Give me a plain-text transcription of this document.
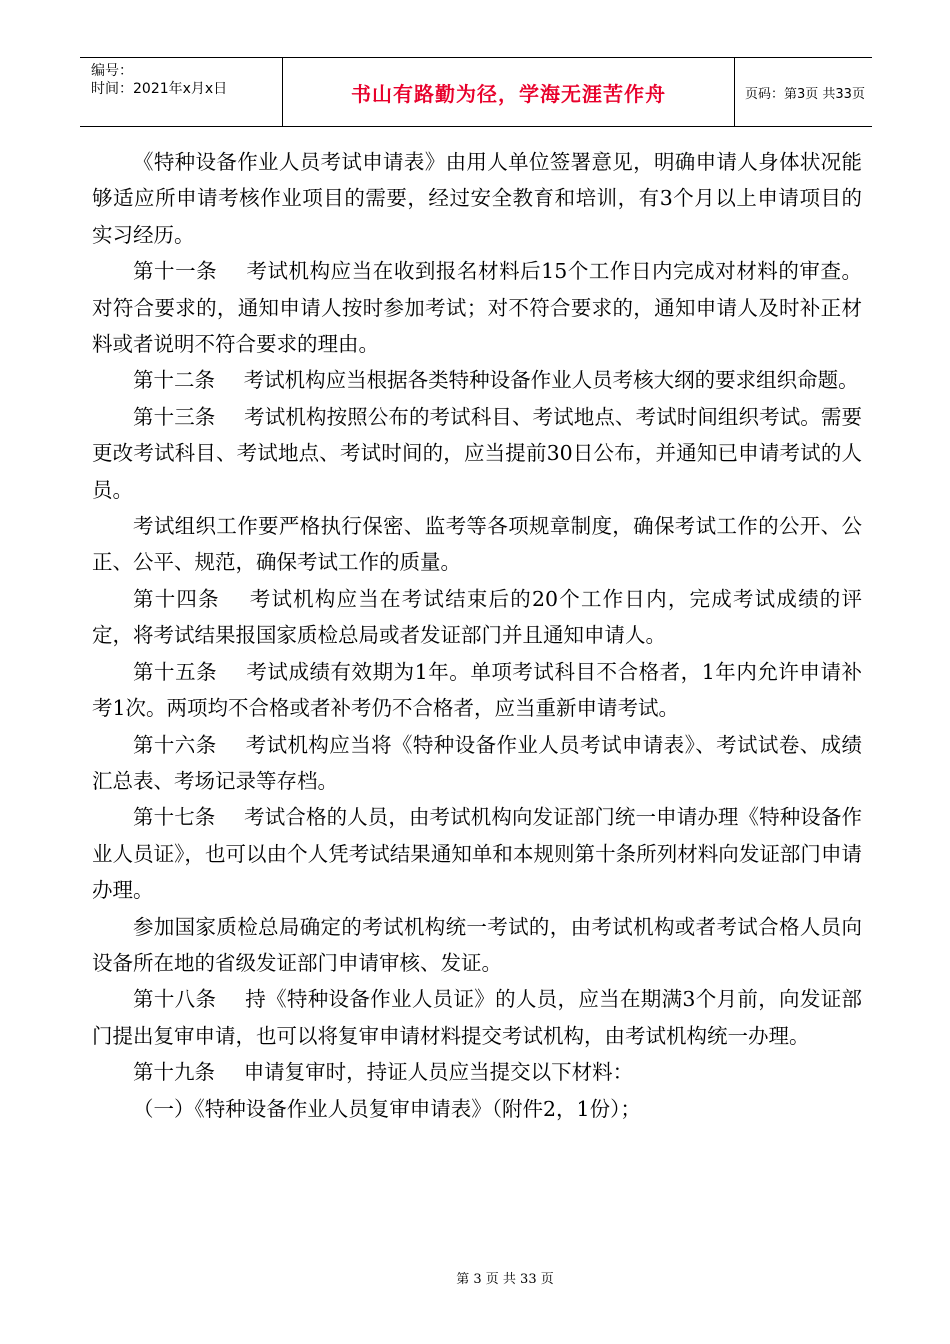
编号：
时间：2021年x月x日	书山有路勤为径，学海无涯苦作舟	页码：第3页 共33页

《特种设备作业人员考试申请表》由用人单位签署意见，明确申请人身体状况能够适应所申请考核作业项目的需要，经过安全教育和培训，有3个月以上申请项目的实习经历。

第十一条 考试机构应当在收到报名材料后15个工作日内完成对材料的审查。对符合要求的，通知申请人按时参加考试；对不符合要求的，通知申请人及时补正材料或者说明不符合要求的理由。

第十二条 考试机构应当根据各类特种设备作业人员考核大纲的要求组织命题。

第十三条 考试机构按照公布的考试科目、考试地点、考试时间组织考试。需要更改考试科目、考试地点、考试时间的，应当提前30日公布，并通知已申请考试的人员。

考试组织工作要严格执行保密、监考等各项规章制度，确保考试工作的公开、公正、公平、规范，确保考试工作的质量。

第十四条 考试机构应当在考试结束后的20个工作日内，完成考试成绩的评定，将考试结果报国家质检总局或者发证部门并且通知申请人。

第十五条 考试成绩有效期为1年。单项考试科目不合格者，1年内允许申请补考1次。两项均不合格或者补考仍不合格者，应当重新申请考试。

第十六条 考试机构应当将《特种设备作业人员考试申请表》、考试试卷、成绩汇总表、考场记录等存档。

第十七条 考试合格的人员，由考试机构向发证部门统一申请办理《特种设备作业人员证》，也可以由个人凭考试结果通知单和本规则第十条所列材料向发证部门申请办理。

参加国家质检总局确定的考试机构统一考试的，由考试机构或者考试合格人员向设备所在地的省级发证部门申请审核、发证。

第十八条 持《特种设备作业人员证》的人员，应当在期满3个月前，向发证部门提出复审申请，也可以将复审申请材料提交考试机构，由考试机构统一办理。

第十九条 申请复审时，持证人员应当提交以下材料：

（一）《特种设备作业人员复审申请表》（附件2，1份）；

第 3 页 共 33 页
